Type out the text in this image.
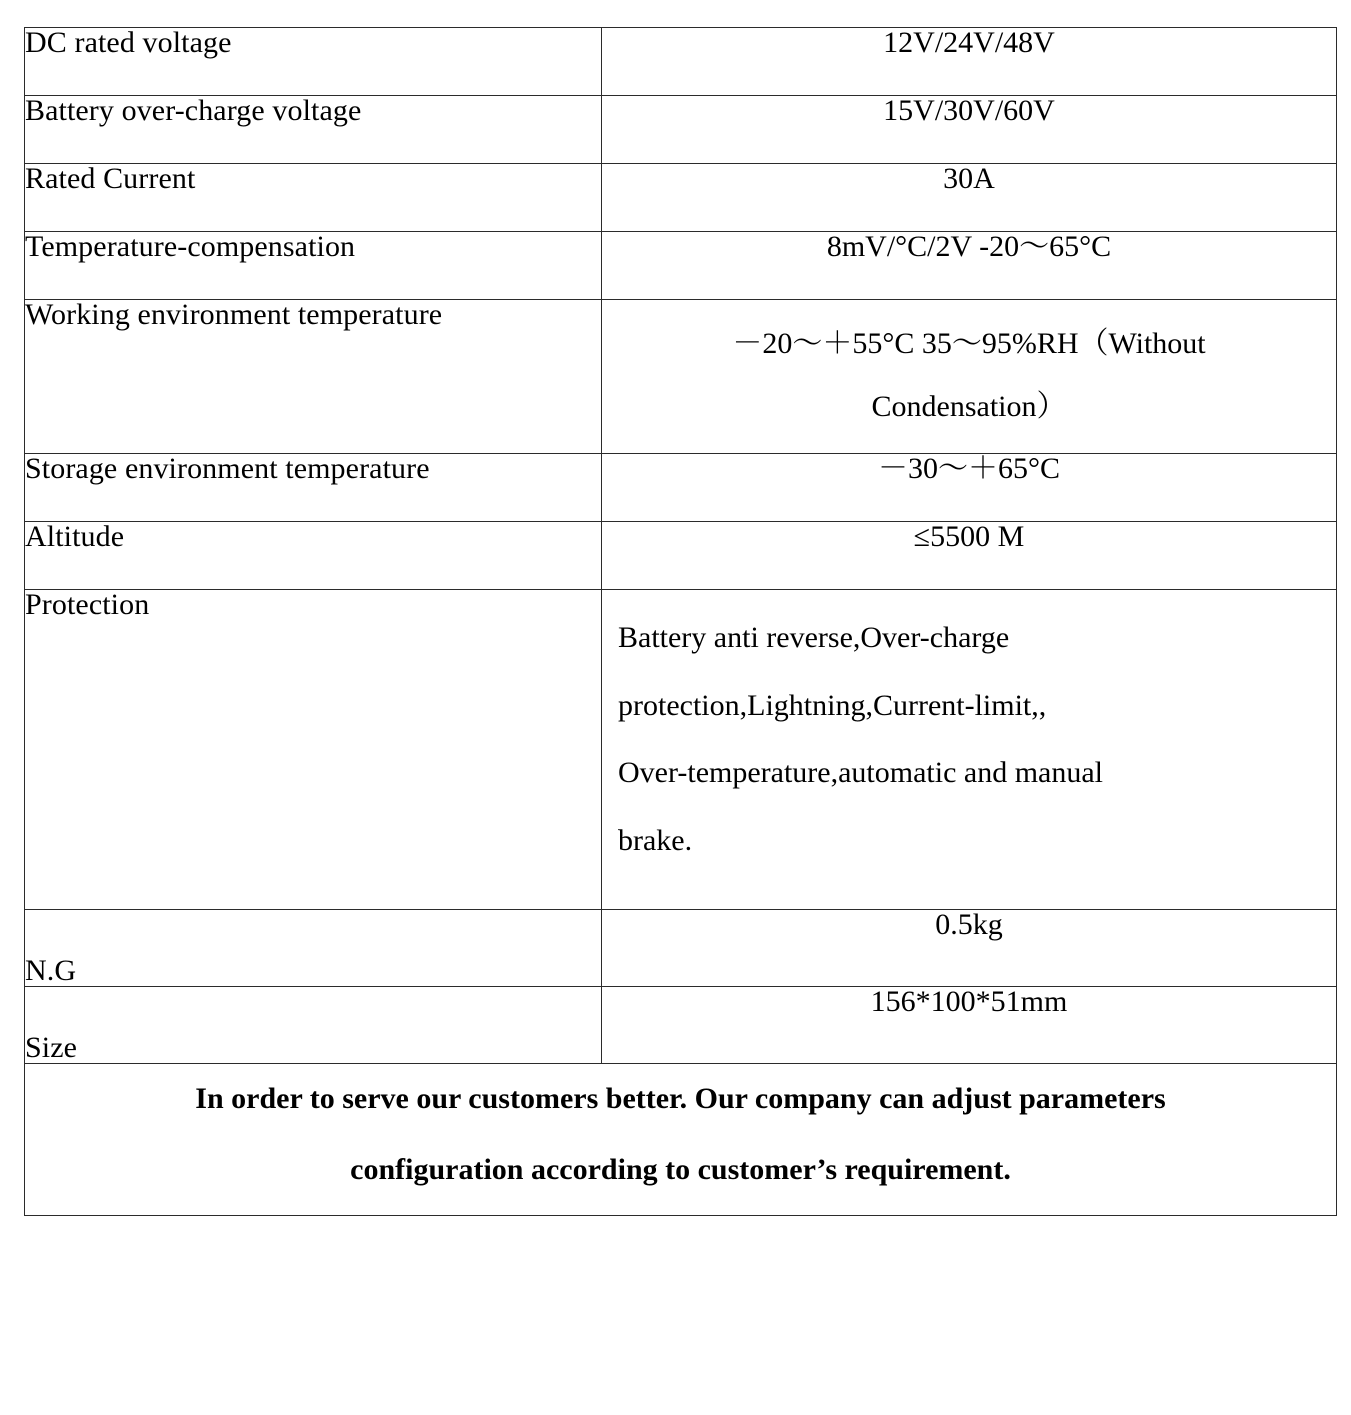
DC rated voltage	12V/24V/48V
Battery over-charge voltage	15V/30V/60V
Rated Current	30A
Temperature-compensation	8mV/°C/2V -20～65°C
Working environment temperature	－20～＋55°C 35～95%RH（Without
Condensation）

Storage environment temperature	－30～＋65°C
Altitude	≤5500 M
Protection	Battery anti reverse,Over-charge
protection,Lightning,Current-limit,,
Over-temperature,automatic and manual
brake.

N.G	0.5kg
Size	156*100*51mm

In order to serve our customers better. Our company can adjust parameters
configuration according to customer’s requirement.	
